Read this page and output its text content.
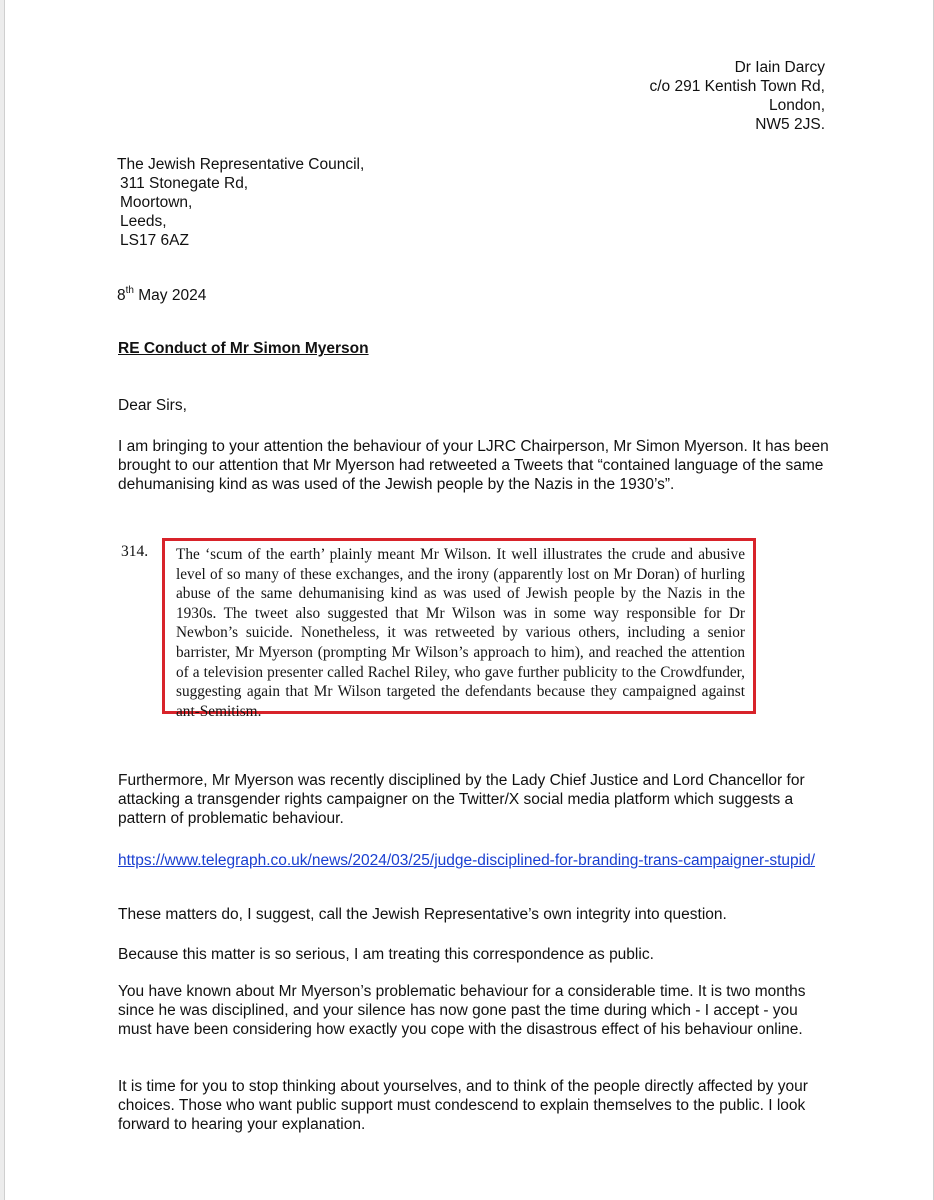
Dr Iain Darcy
c/o 291 Kentish Town Rd,
London,
NW5 2JS.
The Jewish Representative Council,
311 Stonegate Rd,
Moortown,
Leeds,
LS17 6AZ
8th May 2024
RE Conduct of Mr Simon Myerson
Dear Sirs,
I am bringing to your attention the behaviour of your LJRC Chairperson, Mr Simon Myerson. It has been brought to our attention that Mr Myerson had retweeted a Tweets that “contained language of the same dehumanising kind as was used of the Jewish people by the Nazis in the 1930’s”.
314.	The ‘scum of the earth’ plainly meant Mr Wilson. It well illustrates the crude and abusive level of so many of these exchanges, and the irony (apparently lost on Mr Doran) of hurling abuse of the same dehumanising kind as was used of Jewish people by the Nazis in the 1930s. The tweet also suggested that Mr Wilson was in some way responsible for Dr Newbon’s suicide. Nonetheless, it was retweeted by various others, including a senior barrister, Mr Myerson (prompting Mr Wilson’s approach to him), and reached the attention of a television presenter called Rachel Riley, who gave further publicity to the Crowdfunder, suggesting again that Mr Wilson targeted the defendants because they campaigned against ant-Semitism.
Furthermore, Mr Myerson was recently disciplined by the Lady Chief Justice and Lord Chancellor for attacking a transgender rights campaigner on the Twitter/X social media platform which suggests a pattern of problematic behaviour.
https://www.telegraph.co.uk/news/2024/03/25/judge-disciplined-for-branding-trans-campaigner-stupid/
These matters do, I suggest, call the Jewish Representative’s own integrity into question.
Because this matter is so serious, I am treating this correspondence as public.
You have known about Mr Myerson’s problematic behaviour for a considerable time. It is two months since he was disciplined, and your silence has now gone past the time during which - I accept - you must have been considering how exactly you cope with the disastrous effect of his behaviour online.
It is time for you to stop thinking about yourselves, and to think of the people directly affected by your choices. Those who want public support must condescend to explain themselves to the public. I look forward to hearing your explanation.
